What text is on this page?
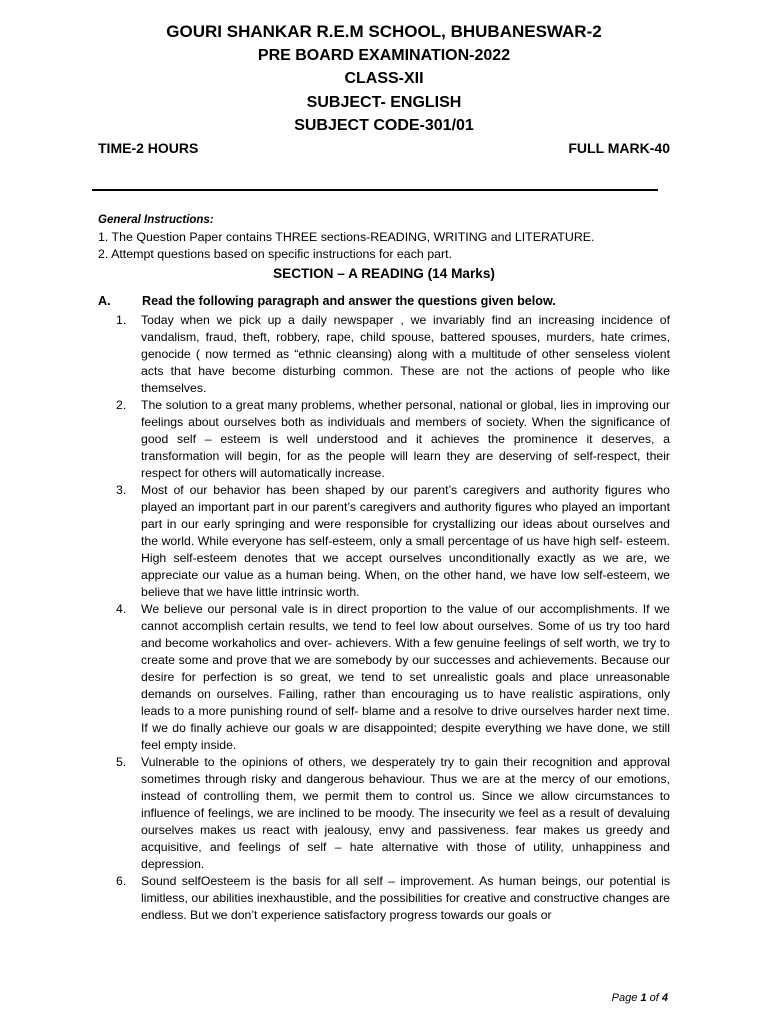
GOURI SHANKAR R.E.M SCHOOL, BHUBANESWAR-2
PRE BOARD EXAMINATION-2022
CLASS-XII
SUBJECT- ENGLISH
SUBJECT CODE-301/01
TIME-2 HOURS	FULL MARK-40
General Instructions:
1. The Question Paper contains THREE sections-READING, WRITING and LITERATURE.
2. Attempt questions based on specific instructions for each part.
SECTION – A READING (14 Marks)
A.	Read the following paragraph and answer the questions given below.
1.	Today when we pick up a daily newspaper , we invariably find an increasing incidence of vandalism, fraud, theft, robbery, rape, child spouse, battered spouses, murders, hate crimes, genocide ( now termed as “ethnic cleansing) along with a multitude of other senseless violent acts that have become disturbing common. These are not the actions of people who like themselves.
2.	The solution to a great many problems, whether personal, national or global, lies in improving our feelings about ourselves both as individuals and members of society. When the significance of good self – esteem is well understood and it achieves the prominence it deserves, a transformation will begin, for as the people will learn they are deserving of self-respect, their respect for others will automatically increase.
3.	Most of our behavior has been shaped by our parent’s caregivers and authority figures who played an important part in our parent’s caregivers and authority figures who played an important part in our early springing and were responsible for crystallizing our ideas about ourselves and the world. While everyone has self-esteem, only a small percentage of us have high self- esteem. High self-esteem denotes that we accept ourselves unconditionally exactly as we are, we appreciate our value as a human being. When, on the other hand, we have low self-esteem, we believe that we have little intrinsic worth.
4.	We believe our personal vale is in direct proportion to the value of our accomplishments. If we cannot accomplish certain results, we tend to feel low about ourselves. Some of us try too hard and become workaholics and over- achievers. With a few genuine feelings of self worth, we try to create some and prove that we are somebody by our successes and achievements. Because our desire for perfection is so great, we tend to set unrealistic goals and place unreasonable demands on ourselves. Failing, rather than encouraging us to have realistic aspirations, only leads to a more punishing round of self- blame and a resolve to drive ourselves harder next time. If we do finally achieve our goals w are disappointed; despite everything we have done, we still feel empty inside.
5.	Vulnerable to the opinions of others, we desperately try to gain their recognition and approval sometimes through risky and dangerous behaviour. Thus we are at the mercy of our emotions, instead of controlling them, we permit them to control us. Since we allow circumstances to influence of feelings, we are inclined to be moody. The insecurity we feel as a result of devaluing ourselves makes us react with jealousy, envy and passiveness. fear makes us greedy and acquisitive, and feelings of self – hate alternative with those of utility, unhappiness and depression.
6.	Sound selfOesteem is the basis for all self – improvement. As human beings, our potential is limitless, our abilities inexhaustible, and the possibilities for creative and constructive changes are endless. But we don’t experience satisfactory progress towards our goals or
Page 1 of 4
